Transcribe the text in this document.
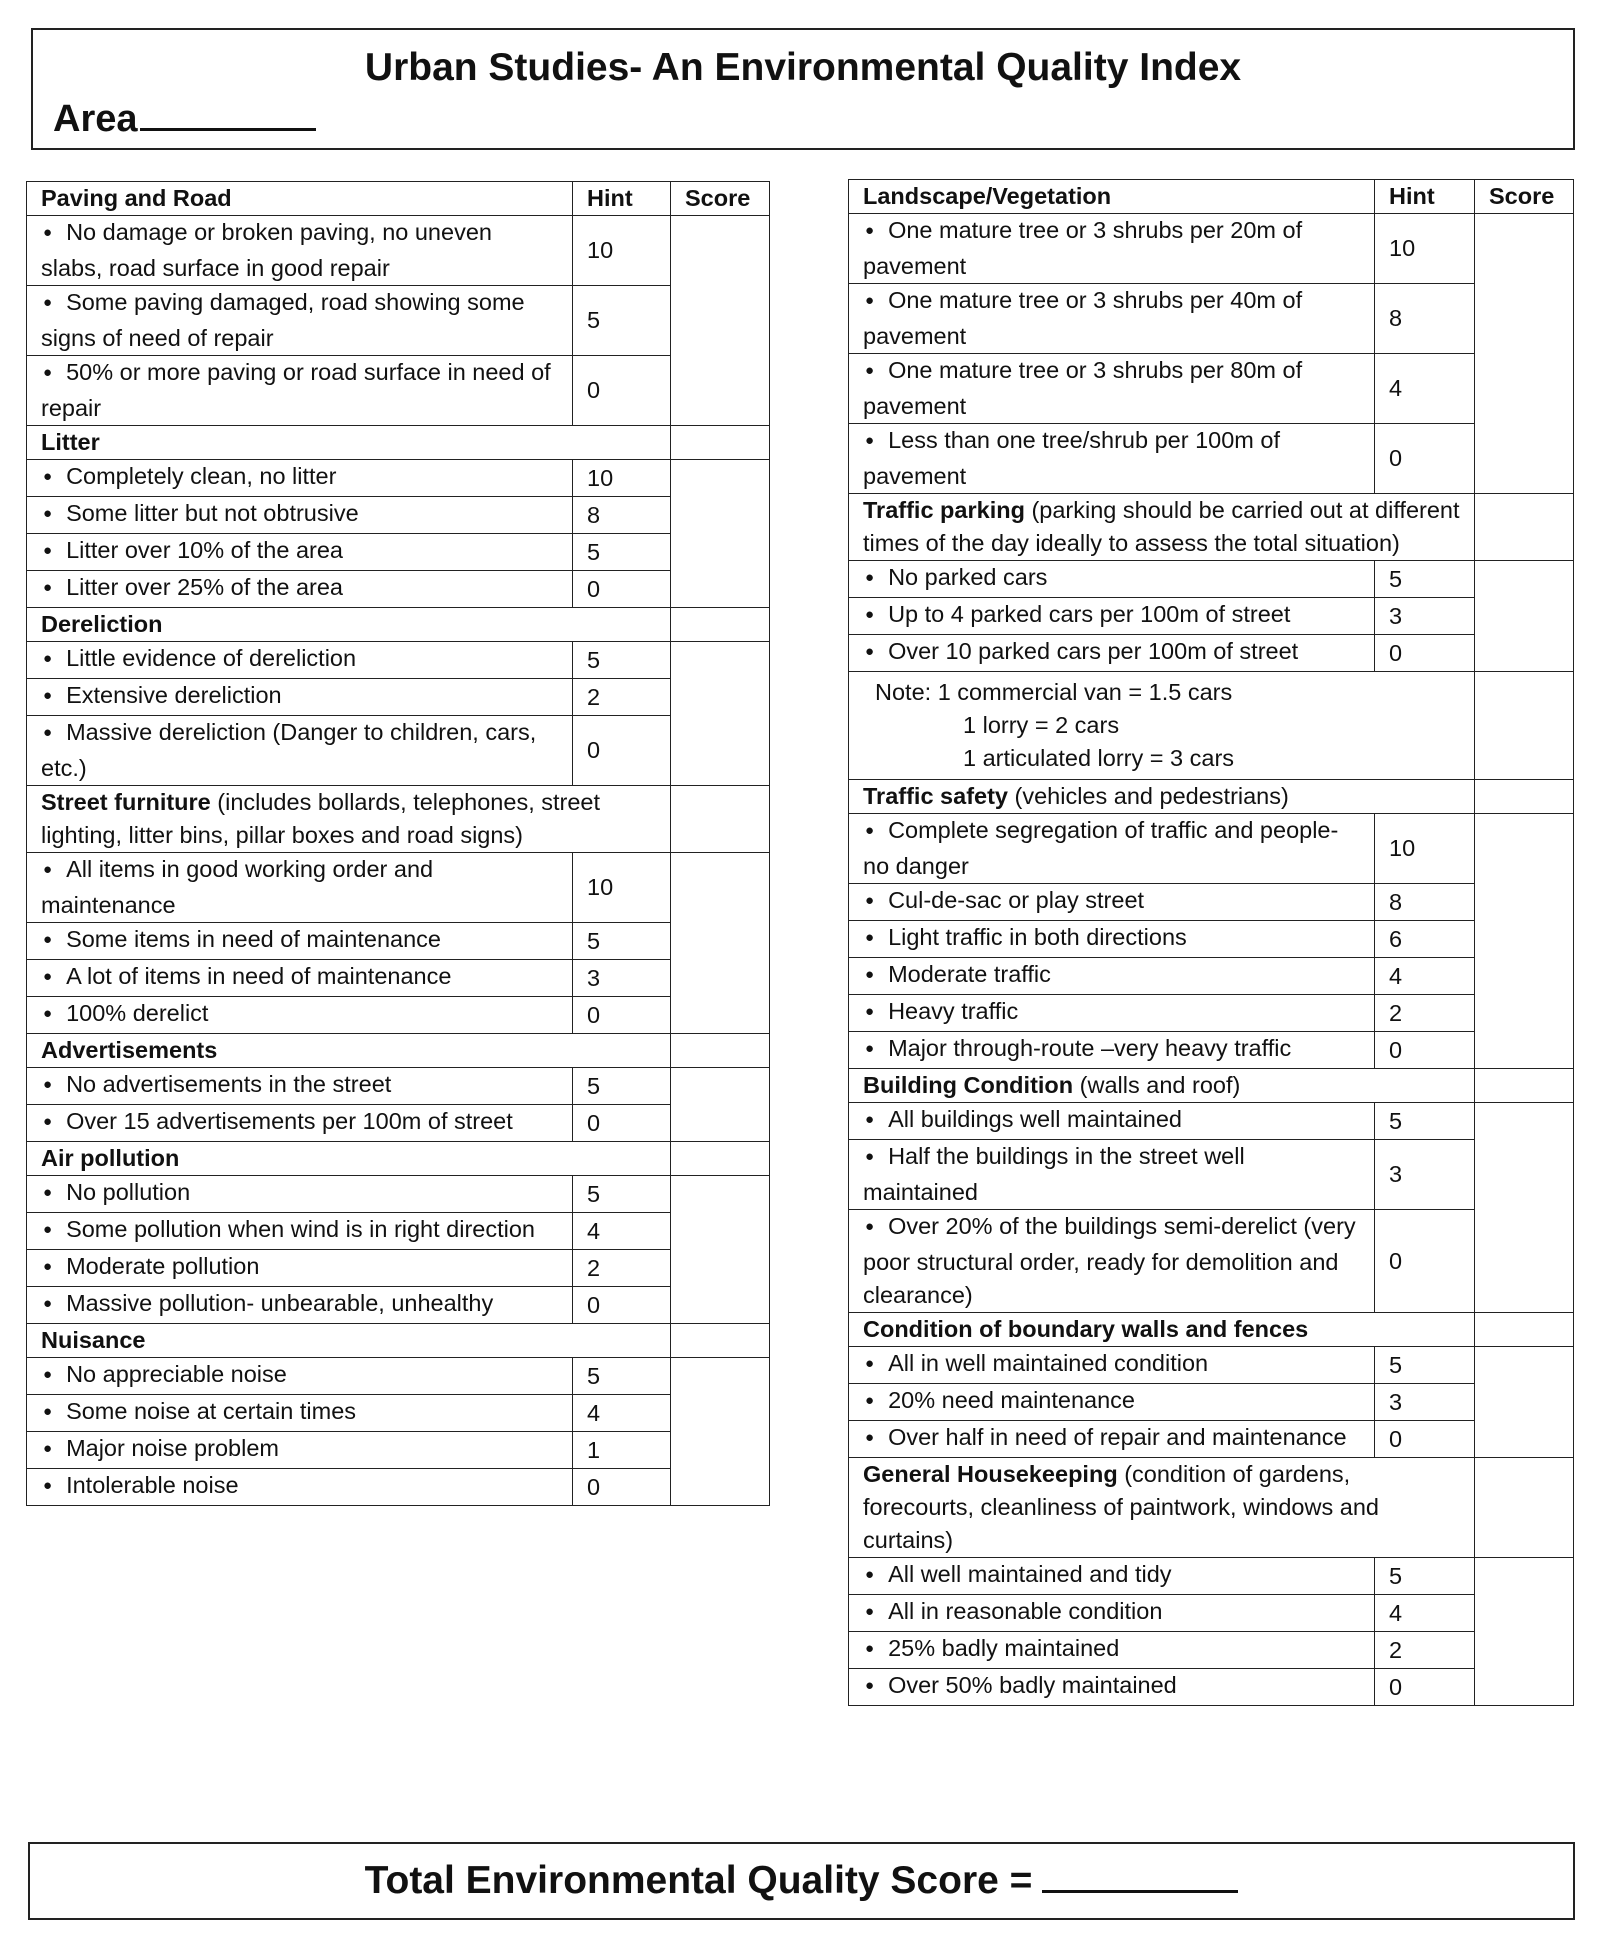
Urban Studies- An Environmental Quality Index
Area
Paving and Road	Hint	Score
● No damage or broken paving, no uneven slabs, road surface in good repair	10	
● Some paving damaged, road showing some signs of need of repair	5	
● 50% or more paving or road surface in need of repair	0	
Litter		
● Completely clean, no litter	10	
● Some litter but not obtrusive	8	
● Litter over 10% of the area	5	
● Litter over 25% of the area	0	
Dereliction		
● Little evidence of dereliction	5	
● Extensive dereliction	2	
● Massive dereliction (Danger to children, cars, etc.)	0	
Street furniture (includes bollards, telephones, street lighting, litter bins, pillar boxes and road signs)		
● All items in good working order and maintenance	10	
● Some items in need of maintenance	5	
● A lot of items in need of maintenance	3	
● 100% derelict	0	
Advertisements		
● No advertisements in the street	5	
● Over 15 advertisements per 100m of street	0	
Air pollution		
● No pollution	5	
● Some pollution when wind is in right direction	4	
● Moderate pollution	2	
● Massive pollution- unbearable, unhealthy	0	
Nuisance		
● No appreciable noise	5	
● Some noise at certain times	4	
● Major noise problem	1	
● Intolerable noise	0	
Landscape/Vegetation	Hint	Score
● One mature tree or 3 shrubs per 20m of pavement	10	
● One mature tree or 3 shrubs per 40m of pavement	8	
● One mature tree or 3 shrubs per 80m of pavement	4	
● Less than one tree/shrub per 100m of pavement	0	
Traffic parking (parking should be carried out at different times of the day ideally to assess the total situation)		
● No parked cars	5	
● Up to 4 parked cars per 100m of street	3	
● Over 10 parked cars per 100m of street	0	

Note: 1 commercial van = 1.5 cars
1 lorry = 2 cars
1 articulated lorry = 3 cars		

Traffic safety (vehicles and pedestrians)		
● Complete segregation of traffic and people- no danger	10	
● Cul-de-sac or play street	8	
● Light traffic in both directions	6	
● Moderate traffic	4	
● Heavy traffic	2	
● Major through-route –very heavy traffic	0	
Building Condition (walls and roof)		
● All buildings well maintained	5	
● Half the buildings in the street well maintained	3	
● Over 20% of the buildings semi-derelict (very poor structural order, ready for demolition and clearance)	0	
Condition of boundary walls and fences		
● All in well maintained condition	5	
● 20% need maintenance	3	
● Over half in need of repair and maintenance	0	
General Housekeeping (condition of gardens, forecourts, cleanliness of paintwork, windows and curtains)		
● All well maintained and tidy	5	
● All in reasonable condition	4	
● 25% badly maintained	2	
● Over 50% badly maintained	0	
Total Environmental Quality Score =
